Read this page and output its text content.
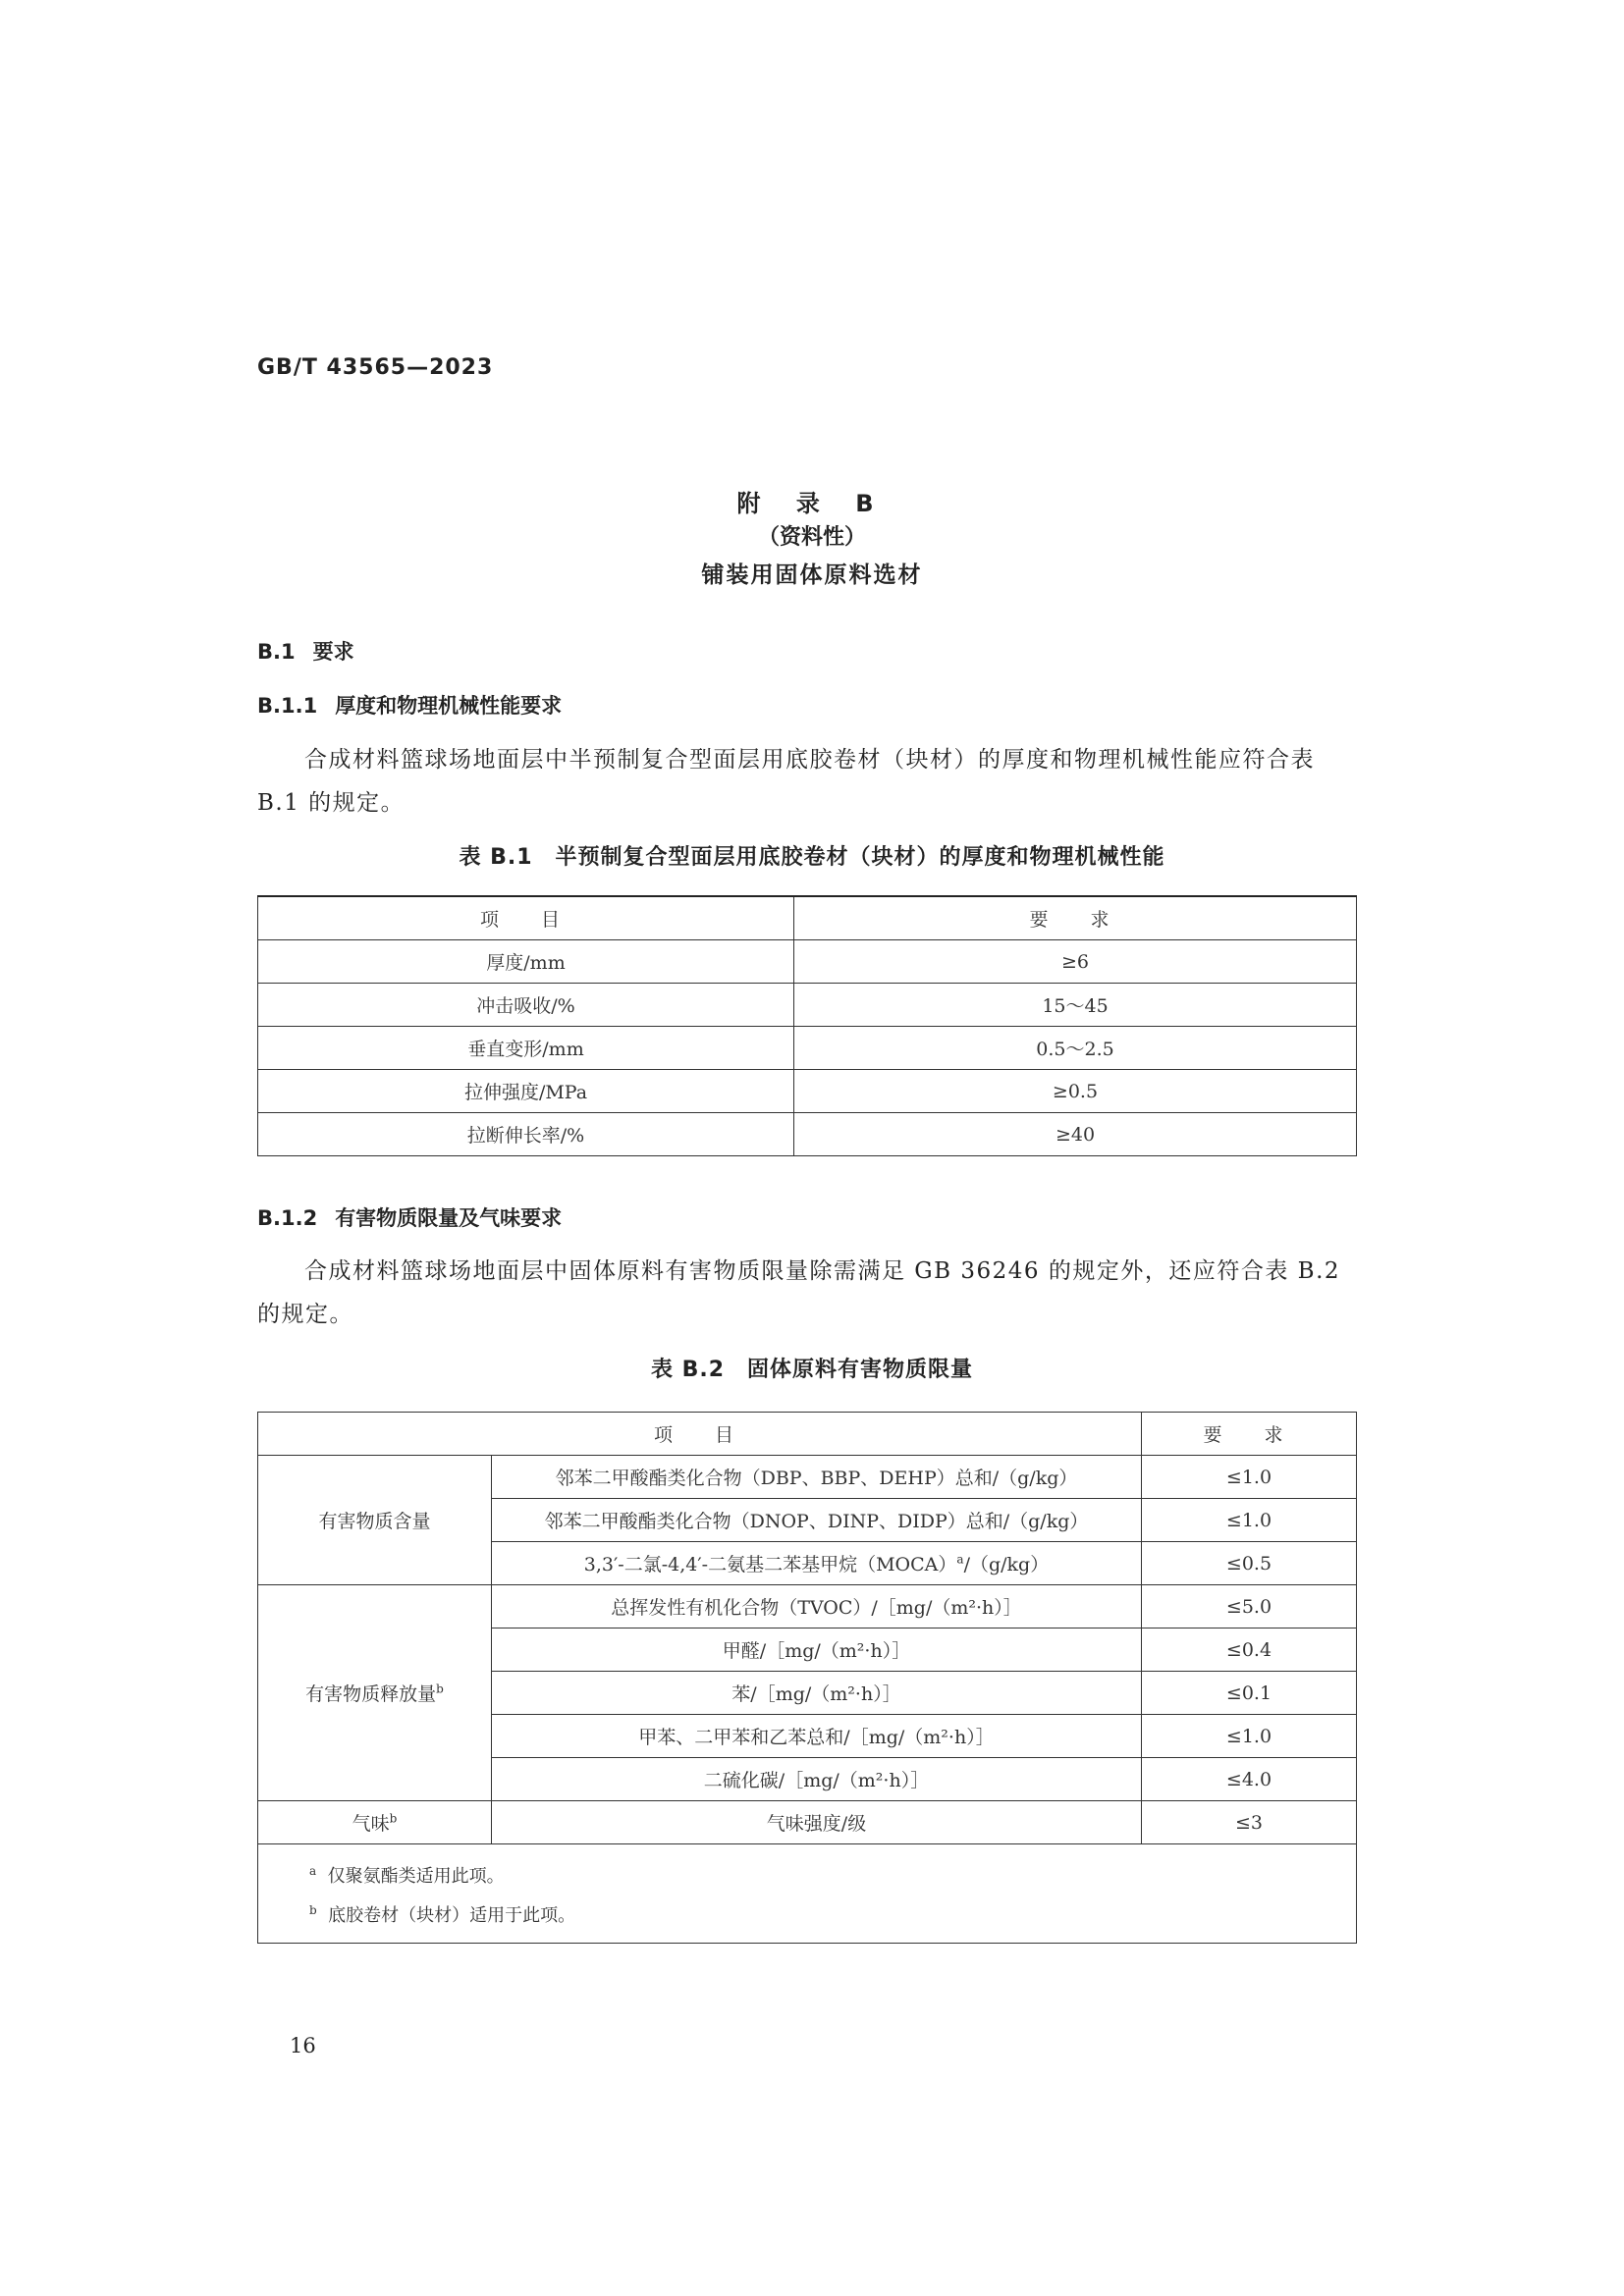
GB/T 43565—2023
附 录 B
（资料性）
铺装用固体原料选材
B.1 要求
B.1.1 厚度和物理机械性能要求
合成材料篮球场地面层中半预制复合型面层用底胶卷材（块材）的厚度和物理机械性能应符合表 B.1 的规定。
表 B.1　半预制复合型面层用底胶卷材（块材）的厚度和物理机械性能
项　目	要　求
厚度/mm	≥6
冲击吸收/%	15～45
垂直变形/mm	0.5～2.5
拉伸强度/MPa	≥0.5
拉断伸长率/%	≥40
B.1.2 有害物质限量及气味要求
合成材料篮球场地面层中固体原料有害物质限量除需满足 GB 36246 的规定外，还应符合表 B.2 的规定。
表 B.2　固体原料有害物质限量
项　目		要　求
有害物质含量	邻苯二甲酸酯类化合物（DBP、BBP、DEHP）总和/（g/kg）	≤1.0
	邻苯二甲酸酯类化合物（DNOP、DINP、DIDP）总和/（g/kg）	≤1.0
	3,3′-二氯-4,4′-二氨基二苯基甲烷（MOCA）$^a$/（g/kg）	≤0.5
有害物质释放量$^b$	总挥发性有机化合物（TVOC）/［mg/（m²·h）］	≤5.0
	甲醛/［mg/（m²·h）］	≤0.4
	苯/［mg/（m²·h）］	≤0.1
	甲苯、二甲苯和乙苯总和/［mg/（m²·h）］	≤1.0
	二硫化碳/［mg/（m²·h）］	≤4.0
气味$^b$	气味强度/级	≤3

$^a$ 仅聚氨酯类适用此项。
$^b$ 底胶卷材（块材）适用于此项。		
16
